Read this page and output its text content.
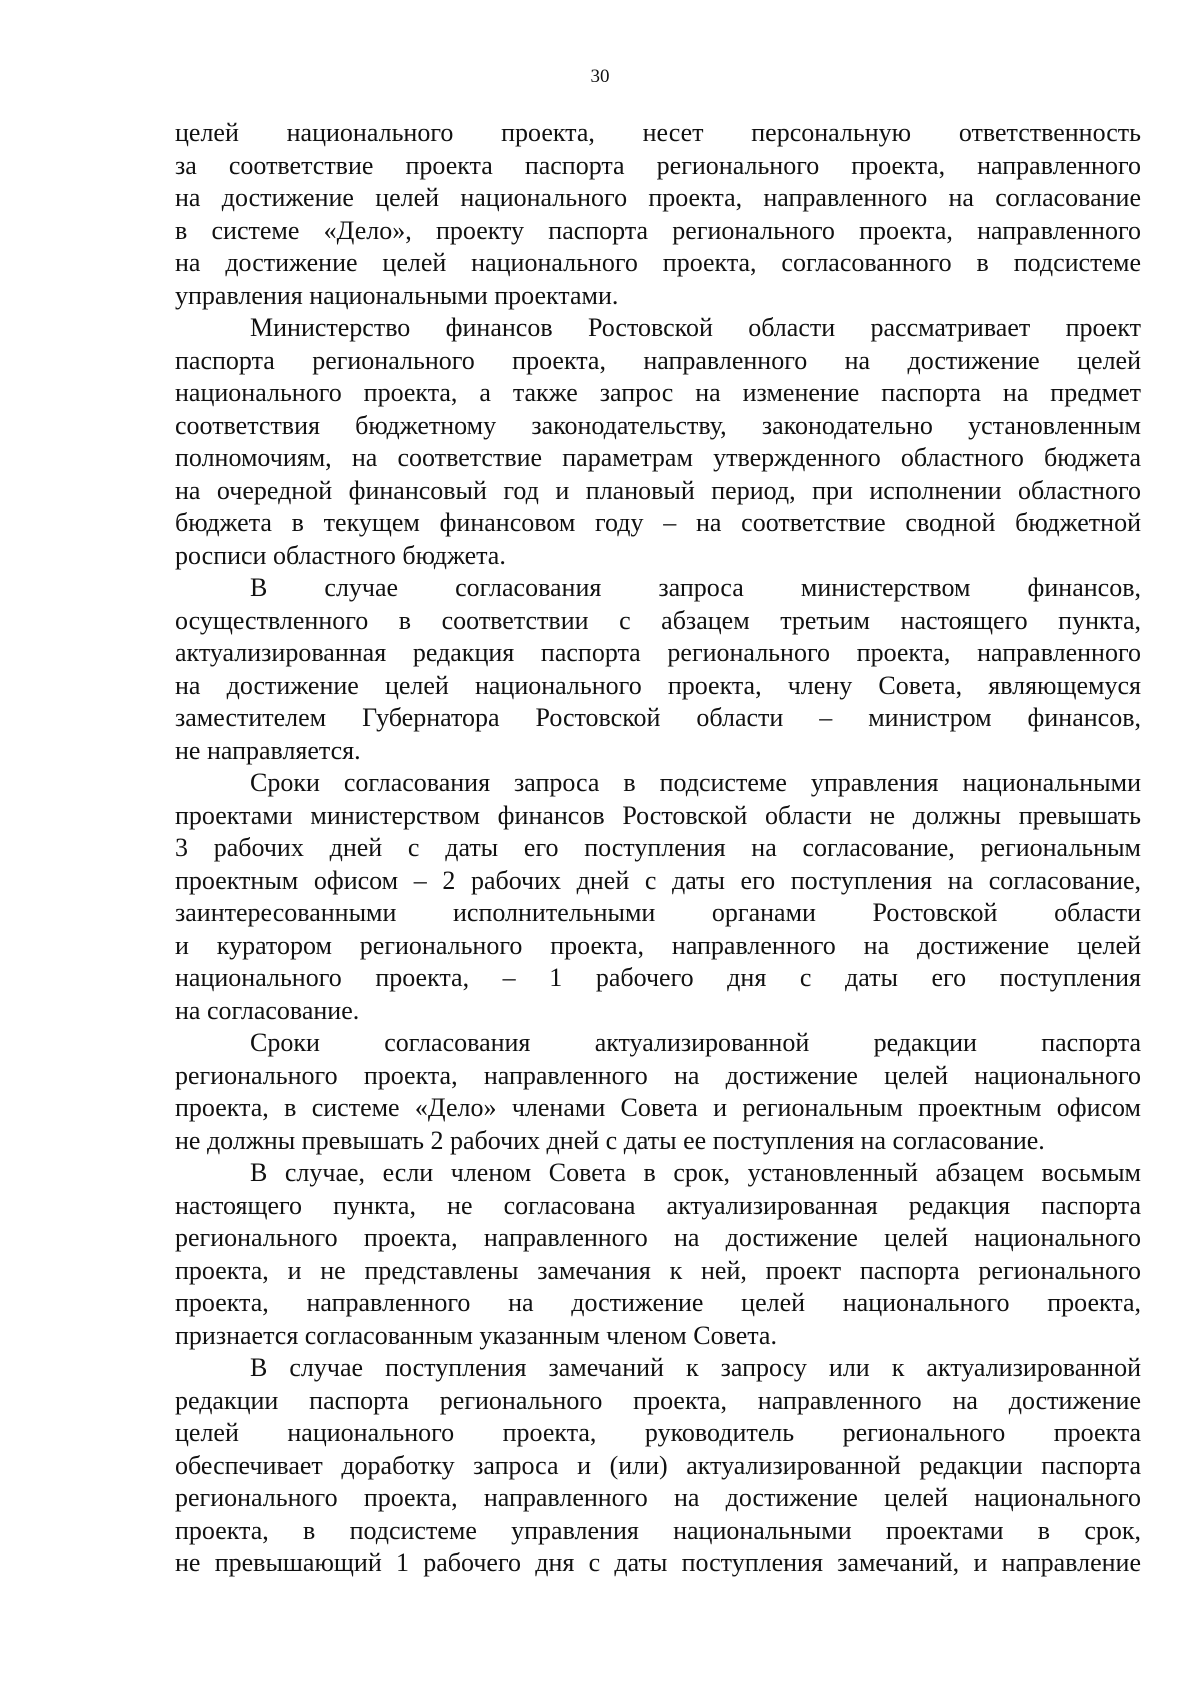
30
целей национального проекта, несет персональную ответственность
за соответствие проекта паспорта регионального проекта, направленного
на достижение целей национального проекта, направленного на согласование
в системе «Дело», проекту паспорта регионального проекта, направленного
на достижение целей национального проекта, согласованного в подсистеме
управления национальными проектами.
Министерство финансов Ростовской области рассматривает проект
паспорта регионального проекта, направленного на достижение целей
национального проекта, а также запрос на изменение паспорта на предмет
соответствия бюджетному законодательству, законодательно установленным
полномочиям, на соответствие параметрам утвержденного областного бюджета
на очередной финансовый год и плановый период, при исполнении областного
бюджета в текущем финансовом году – на соответствие сводной бюджетной
росписи областного бюджета.
В случае согласования запроса министерством финансов,
осуществленного в соответствии с абзацем третьим настоящего пункта,
актуализированная редакция паспорта регионального проекта, направленного
на достижение целей национального проекта, члену Совета, являющемуся
заместителем Губернатора Ростовской области – министром финансов,
не направляется.
Сроки согласования запроса в подсистеме управления национальными
проектами министерством финансов Ростовской области не должны превышать
3 рабочих дней с даты его поступления на согласование, региональным
проектным офисом – 2 рабочих дней с даты его поступления на согласование,
заинтересованными исполнительными органами Ростовской области
и куратором регионального проекта, направленного на достижение целей
национального проекта, – 1 рабочего дня с даты его поступления
на согласование.
Сроки согласования актуализированной редакции паспорта
регионального проекта, направленного на достижение целей национального
проекта, в системе «Дело» членами Совета и региональным проектным офисом
не должны превышать 2 рабочих дней с даты ее поступления на согласование.
В случае, если членом Совета в срок, установленный абзацем восьмым
настоящего пункта, не согласована актуализированная редакция паспорта
регионального проекта, направленного на достижение целей национального
проекта, и не представлены замечания к ней, проект паспорта регионального
проекта, направленного на достижение целей национального проекта,
признается согласованным указанным членом Совета.
В случае поступления замечаний к запросу или к актуализированной
редакции паспорта регионального проекта, направленного на достижение
целей национального проекта, руководитель регионального проекта
обеспечивает доработку запроса и (или) актуализированной редакции паспорта
регионального проекта, направленного на достижение целей национального
проекта, в подсистеме управления национальными проектами в срок,
не превышающий 1 рабочего дня с даты поступления замечаний, и направление
